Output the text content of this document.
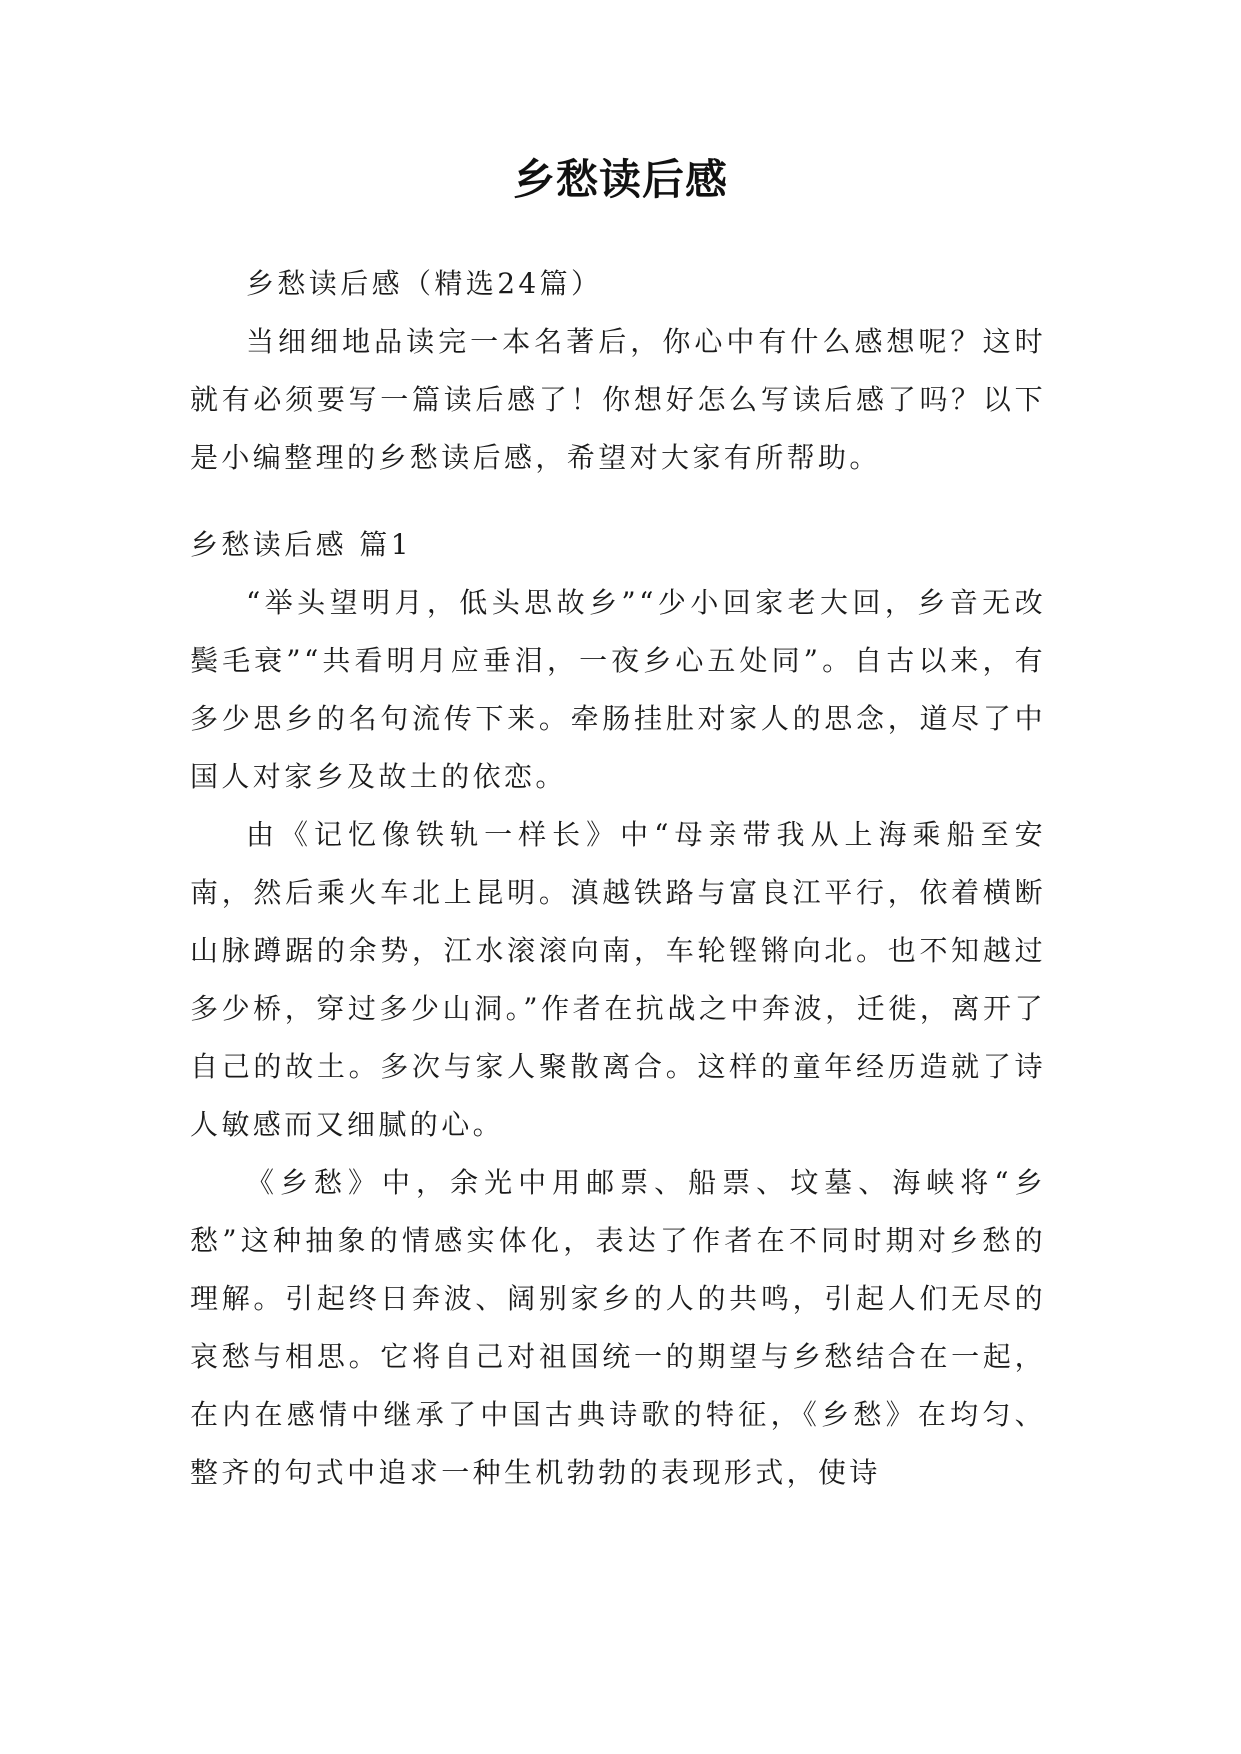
乡愁读后感

乡愁读后感（精选24篇）

当细细地品读完一本名著后，你心中有什么感想呢？这时就有必须要写一篇读后感了！你想好怎么写读后感了吗？以下是小编整理的乡愁读后感，希望对大家有所帮助。

乡愁读后感 篇1

“举头望明月，低头思故乡”“少小回家老大回，乡音无改鬓毛衰”“共看明月应垂泪，一夜乡心五处同”。自古以来，有多少思乡的名句流传下来。牵肠挂肚对家人的思念，道尽了中国人对家乡及故土的依恋。

由《记忆像铁轨一样长》中“母亲带我从上海乘船至安南，然后乘火车北上昆明。滇越铁路与富良江平行，依着横断山脉蹲踞的余势，江水滚滚向南，车轮铿锵向北。也不知越过多少桥，穿过多少山洞。”作者在抗战之中奔波，迁徙，离开了自己的故土。多次与家人聚散离合。这样的童年经历造就了诗人敏感而又细腻的心。

《乡愁》中，余光中用邮票、船票、坟墓、海峡将“乡愁”这种抽象的情感实体化，表达了作者在不同时期对乡愁的理解。引起终日奔波、阔别家乡的人的共鸣，引起人们无尽的哀愁与相思。它将自己对祖国统一的期望与乡愁结合在一起，在内在感情中继承了中国古典诗歌的特征，《乡愁》在均匀、整齐的句式中追求一种生机勃勃的表现形式，使诗
